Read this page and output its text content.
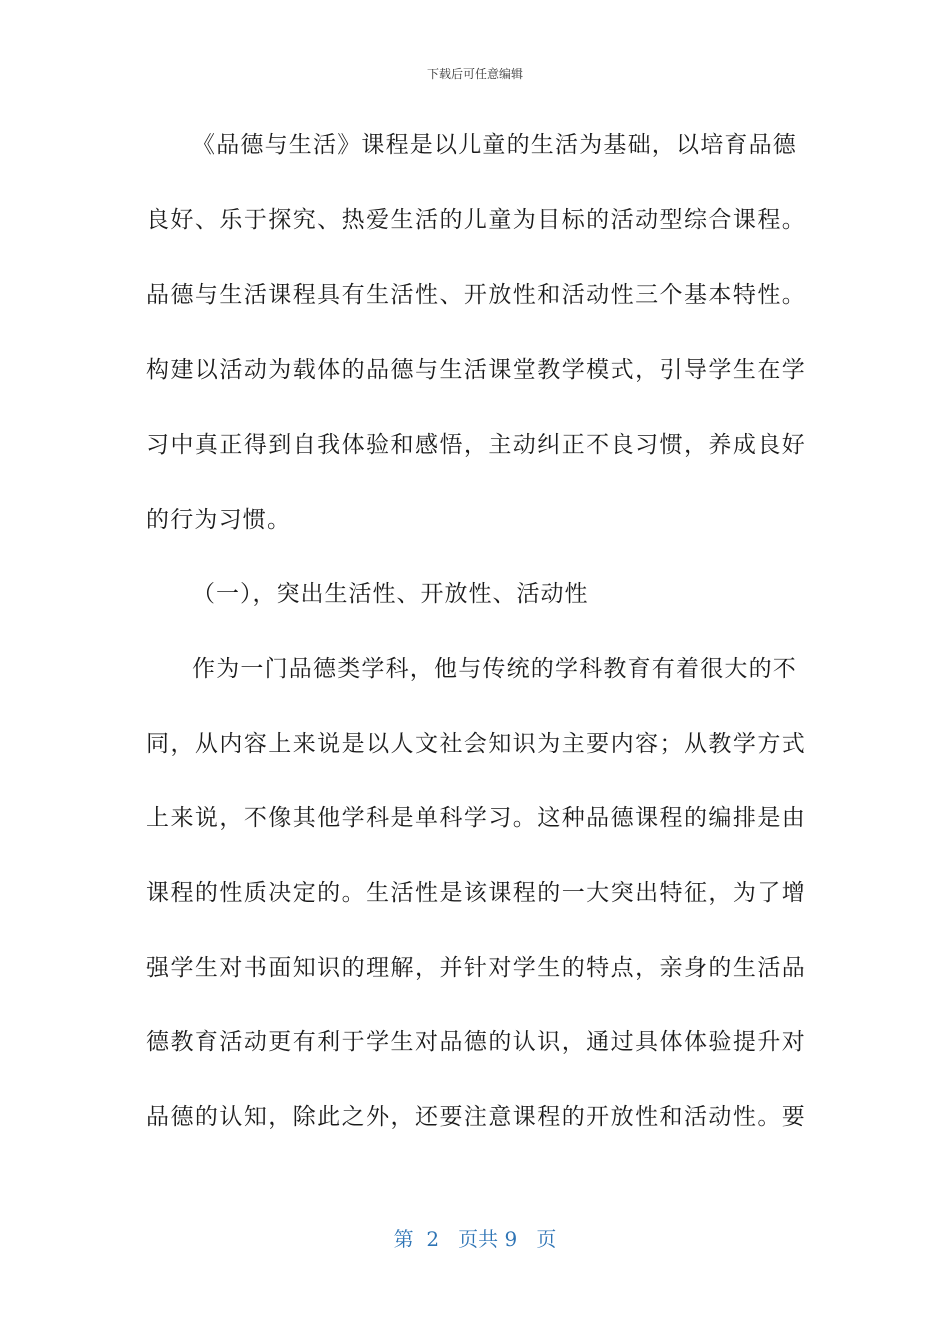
下载后可任意编辑
《品德与生活》课程是以儿童的生活为基础，以培育品德
良好、乐于探究、热爱生活的儿童为目标的活动型综合课程。
品德与生活课程具有生活性、开放性和活动性三个基本特性。
构建以活动为载体的品德与生活课堂教学模式，引导学生在学
习中真正得到自我体验和感悟，主动纠正不良习惯，养成良好
的行为习惯。
（一），突出生活性、开放性、活动性
作为一门品德类学科，他与传统的学科教育有着很大的不
同，从内容上来说是以人文社会知识为主要内容；从教学方式
上来说，不像其他学科是单科学习。这种品德课程的编排是由
课程的性质决定的。生活性是该课程的一大突出特征，为了增
强学生对书面知识的理解，并针对学生的特点，亲身的生活品
德教育活动更有利于学生对品德的认识，通过具体体验提升对
品德的认知，除此之外，还要注意课程的开放性和活动性。要
第 2 页共 9 页
